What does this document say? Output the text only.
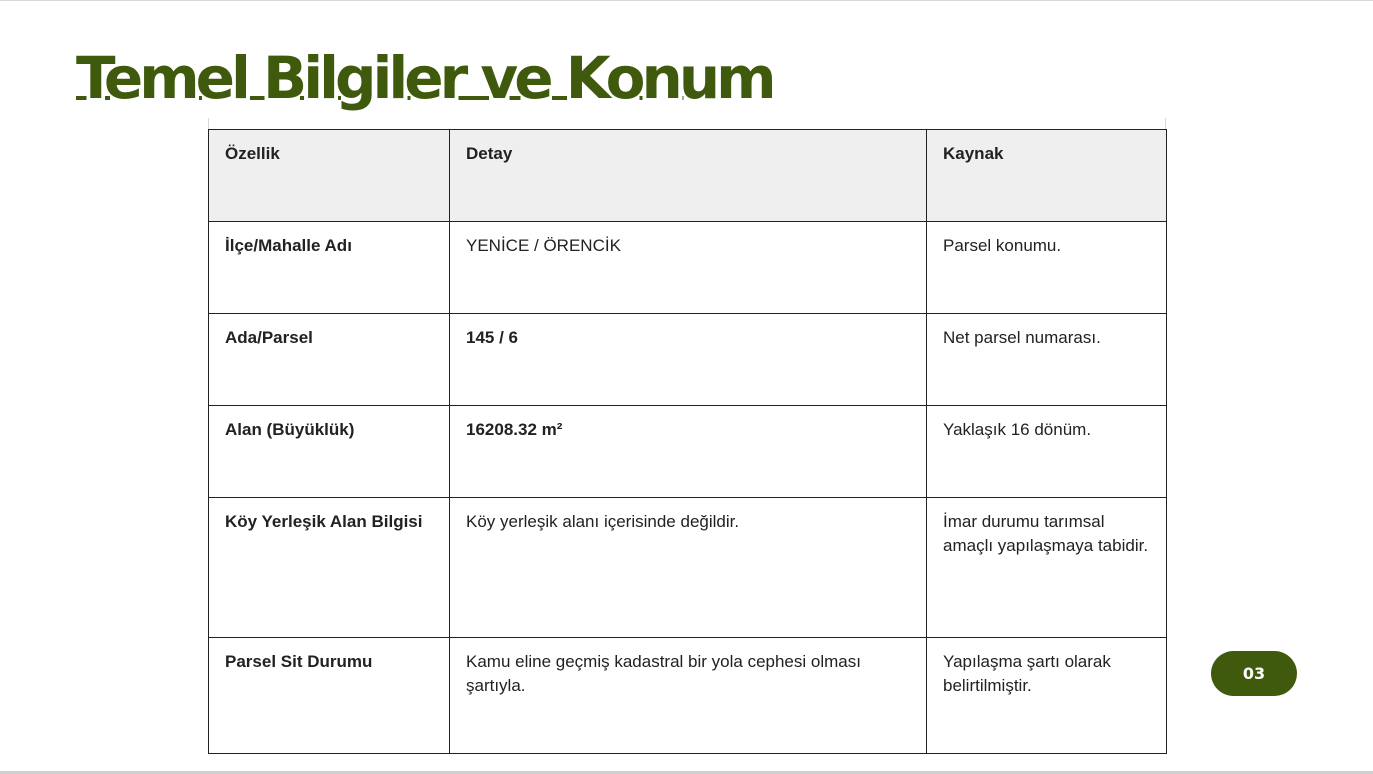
Temel Bilgiler ve Konum
Özellik	Detay	Kaynak
İlçe/Mahalle Adı	YENİCE / ÖRENCİK	Parsel konumu.
Ada/Parsel	145 / 6	Net parsel numarası.
Alan (Büyüklük)	16208.32 m²	Yaklaşık 16 dönüm.
Köy Yerleşik Alan Bilgisi	Köy yerleşik alanı içerisinde değildir.	İmar durumu tarımsal amaçlı yapılaşmaya tabidir.
Parsel Sit Durumu	Kamu eline geçmiş kadastral bir yola cephesi olması şartıyla.	Yapılaşma şartı olarak belirtilmiştir.
03
